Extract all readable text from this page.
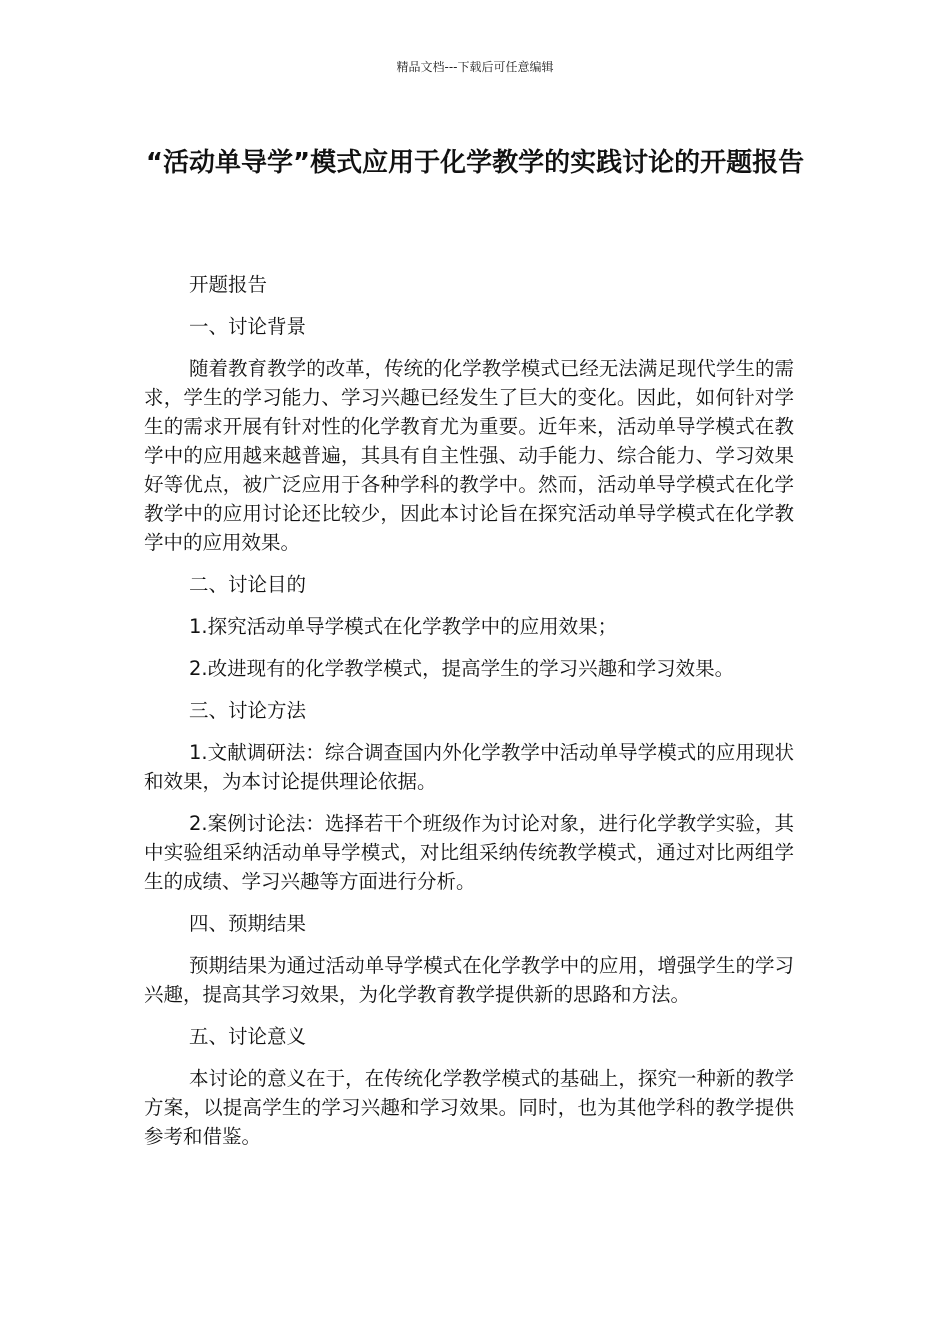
精品文档---下载后可任意编辑
“活动单导学”模式应用于化学教学的实践讨论的开题报告

开题报告

一、讨论背景

随着教育教学的改革，传统的化学教学模式已经无法满足现代学生的需求，学生的学习能力、学习兴趣已经发生了巨大的变化。因此，如何针对学生的需求开展有针对性的化学教育尤为重要。近年来，活动单导学模式在教学中的应用越来越普遍，其具有自主性强、动手能力、综合能力、学习效果好等优点，被广泛应用于各种学科的教学中。然而，活动单导学模式在化学教学中的应用讨论还比较少，因此本讨论旨在探究活动单导学模式在化学教学中的应用效果。

二、讨论目的

1.探究活动单导学模式在化学教学中的应用效果；

2.改进现有的化学教学模式，提高学生的学习兴趣和学习效果。

三、讨论方法

1.文献调研法：综合调查国内外化学教学中活动单导学模式的应用现状和效果，为本讨论提供理论依据。

2.案例讨论法：选择若干个班级作为讨论对象，进行化学教学实验，其中实验组采纳活动单导学模式，对比组采纳传统教学模式，通过对比两组学生的成绩、学习兴趣等方面进行分析。

四、预期结果

预期结果为通过活动单导学模式在化学教学中的应用，增强学生的学习兴趣，提高其学习效果，为化学教育教学提供新的思路和方法。

五、讨论意义

本讨论的意义在于，在传统化学教学模式的基础上，探究一种新的教学方案，以提高学生的学习兴趣和学习效果。同时，也为其他学科的教学提供参考和借鉴。
